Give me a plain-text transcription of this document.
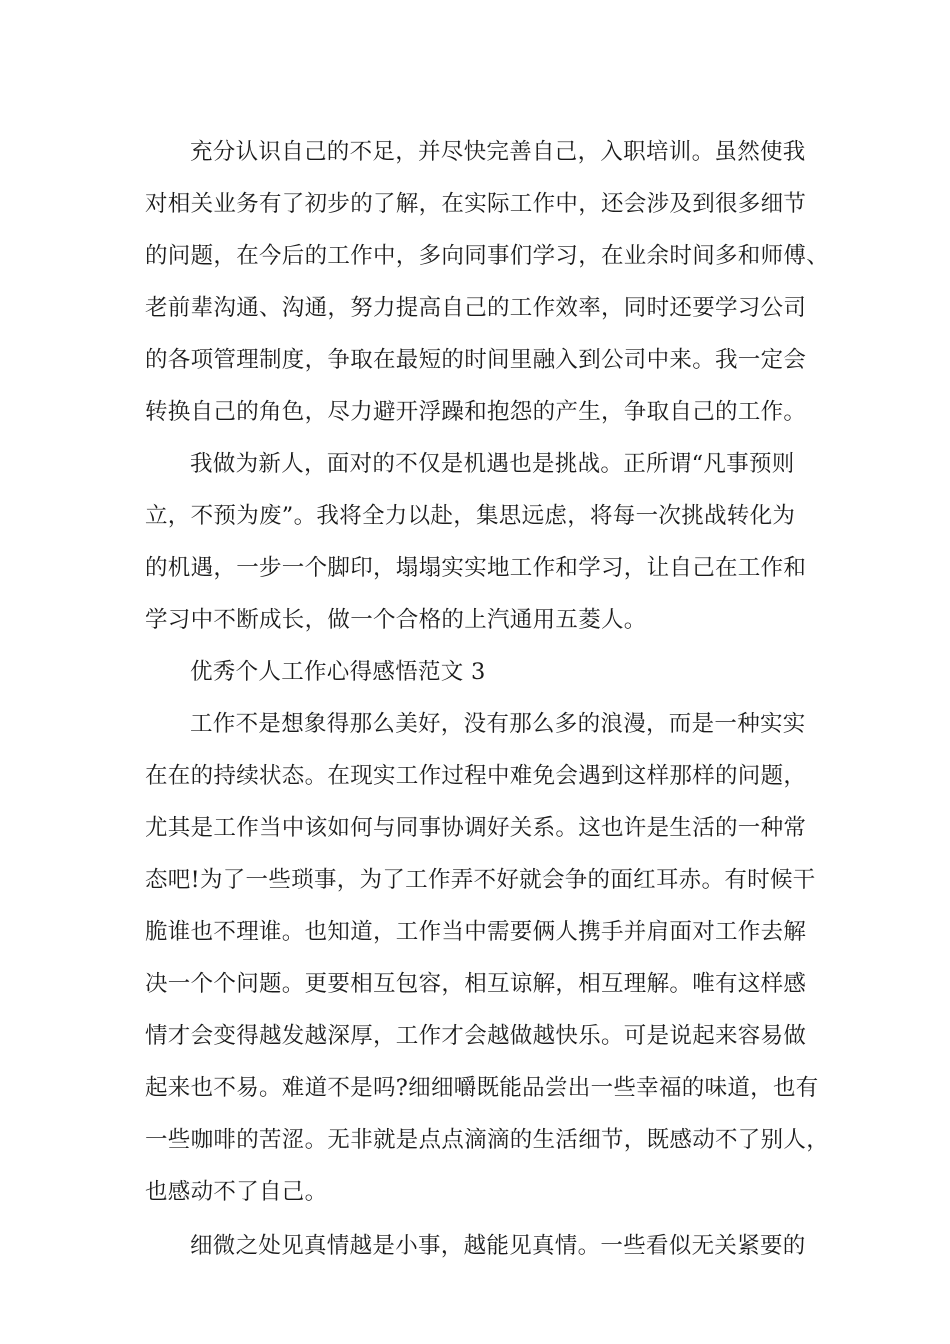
充分认识自己的不足，并尽快完善自己，入职培训。虽然使我
对相关业务有了初步的了解，在实际工作中，还会涉及到很多细节
的问题，在今后的工作中，多向同事们学习，在业余时间多和师傅、
老前辈沟通、沟通，努力提高自己的工作效率，同时还要学习公司
的各项管理制度，争取在最短的时间里融入到公司中来。我一定会
转换自己的角色，尽力避开浮躁和抱怨的产生，争取自己的工作。
我做为新人，面对的不仅是机遇也是挑战。正所谓“凡事预则
立，不预为废”。我将全力以赴，集思远虑，将每一次挑战转化为
的机遇，一步一个脚印，塌塌实实地工作和学习，让自己在工作和
学习中不断成长，做一个合格的上汽通用五菱人。
优秀个人工作心得感悟范文 3
工作不是想象得那么美好，没有那么多的浪漫，而是一种实实
在在的持续状态。在现实工作过程中难免会遇到这样那样的问题，
尤其是工作当中该如何与同事协调好关系。这也许是生活的一种常
态吧!为了一些琐事，为了工作弄不好就会争的面红耳赤。有时候干
脆谁也不理谁。也知道，工作当中需要俩人携手并肩面对工作去解
决一个个问题。更要相互包容，相互谅解，相互理解。唯有这样感
情才会变得越发越深厚，工作才会越做越快乐。可是说起来容易做
起来也不易。难道不是吗?细细嚼既能品尝出一些幸福的味道，也有
一些咖啡的苦涩。无非就是点点滴滴的生活细节，既感动不了别人，
也感动不了自己。
细微之处见真情越是小事，越能见真情。一些看似无关紧要的
